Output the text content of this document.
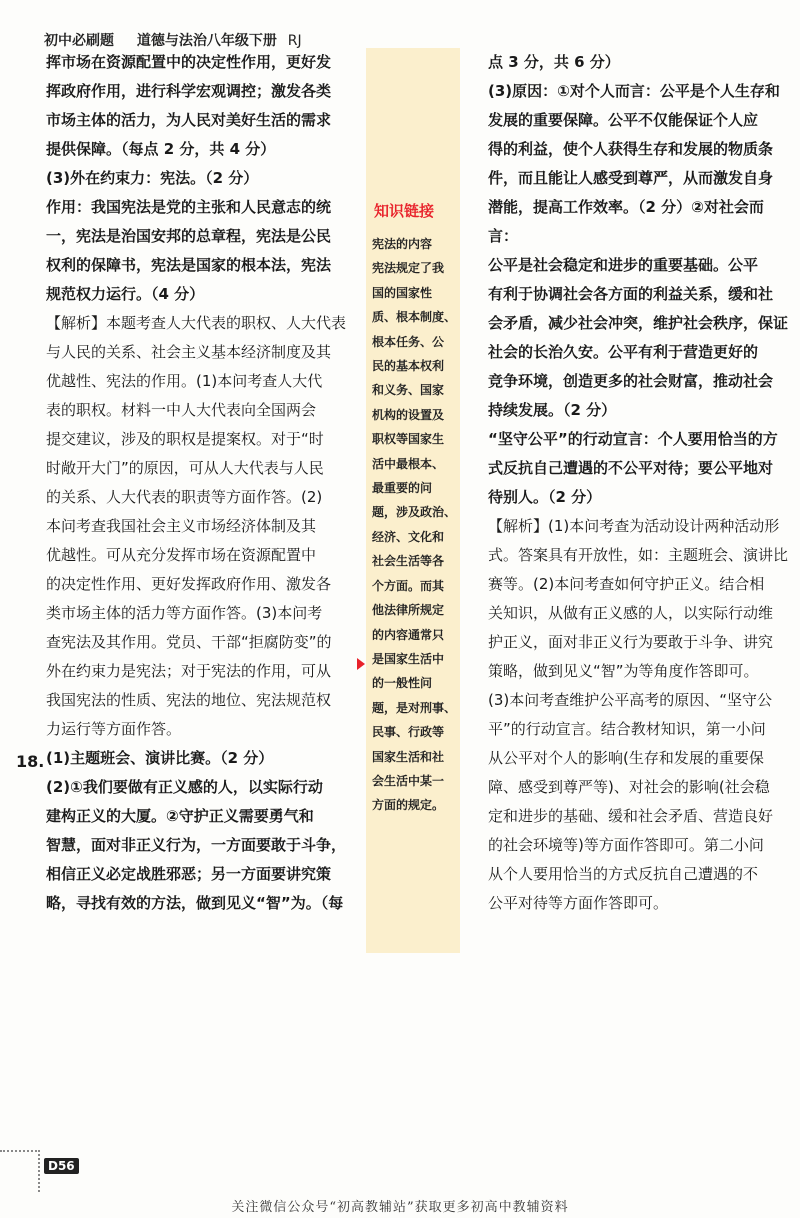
初中必刷题 道德与法治八年级下册 RJ

挥市场在资源配置中的决定性作用，更好发

挥政府作用，进行科学宏观调控；激发各类

市场主体的活力，为人民对美好生活的需求

提供保障。（每点 2 分，共 4 分）

(3)外在约束力：宪法。（2 分）

作用：我国宪法是党的主张和人民意志的统

一，宪法是治国安邦的总章程，宪法是公民

权利的保障书，宪法是国家的根本法，宪法

规范权力运行。（4 分）

【解析】本题考查人大代表的职权、人大代表

与人民的关系、社会主义基本经济制度及其

优越性、宪法的作用。(1)本问考查人大代

表的职权。材料一中人大代表向全国两会

提交建议，涉及的职权是提案权。对于“时

时敞开大门”的原因，可从人大代表与人民

的关系、人大代表的职责等方面作答。(2)

本问考查我国社会主义市场经济体制及其

优越性。可从充分发挥市场在资源配置中

的决定性作用、更好发挥政府作用、激发各

类市场主体的活力等方面作答。(3)本问考

查宪法及其作用。党员、干部“拒腐防变”的

外在约束力是宪法；对于宪法的作用，可从

我国宪法的性质、宪法的地位、宪法规范权

力运行等方面作答。

(1)主题班会、演讲比赛。（2 分）

(2)①我们要做有正义感的人，以实际行动

建构正义的大厦。②守护正义需要勇气和

智慧，面对非正义行为，一方面要敢于斗争，

相信正义必定战胜邪恶；另一方面要讲究策

略，寻找有效的方法，做到见义“智”为。（每

18.
知识链接
宪法的内容
宪法规定了我
国的国家性
质、根本制度、
根本任务、公
民的基本权利
和义务、国家
机构的设置及
职权等国家生
活中最根本、
最重要的问
题，涉及政治、
经济、文化和
社会生活等各
个方面。而其
他法律所规定
的内容通常只
是国家生活中
的一般性问
题，是对刑事、
民事、行政等
国家生活和社
会生活中某一
方面的规定。

点 3 分，共 6 分）

(3)原因：①对个人而言：公平是个人生存和

发展的重要保障。公平不仅能保证个人应

得的利益，使个人获得生存和发展的物质条

件，而且能让人感受到尊严，从而激发自身

潜能，提高工作效率。（2 分）②对社会而言：

公平是社会稳定和进步的重要基础。公平

有利于协调社会各方面的利益关系，缓和社

会矛盾，减少社会冲突，维护社会秩序，保证

社会的长治久安。公平有利于营造更好的

竞争环境，创造更多的社会财富，推动社会

持续发展。（2 分）

“坚守公平”的行动宣言：个人要用恰当的方

式反抗自己遭遇的不公平对待；要公平地对

待别人。（2 分）

【解析】(1)本问考查为活动设计两种活动形

式。答案具有开放性，如：主题班会、演讲比

赛等。(2)本问考查如何守护正义。结合相

关知识，从做有正义感的人，以实际行动维

护正义，面对非正义行为要敢于斗争、讲究

策略，做到见义“智”为等角度作答即可。

(3)本问考查维护公平高考的原因、“坚守公

平”的行动宣言。结合教材知识，第一小问

从公平对个人的影响(生存和发展的重要保

障、感受到尊严等)、对社会的影响(社会稳

定和进步的基础、缓和社会矛盾、营造良好

的社会环境等)等方面作答即可。第二小问

从个人要用恰当的方式反抗自己遭遇的不

公平对待等方面作答即可。

D56
关注微信公众号“初高教辅站”获取更多初高中教辅资料
